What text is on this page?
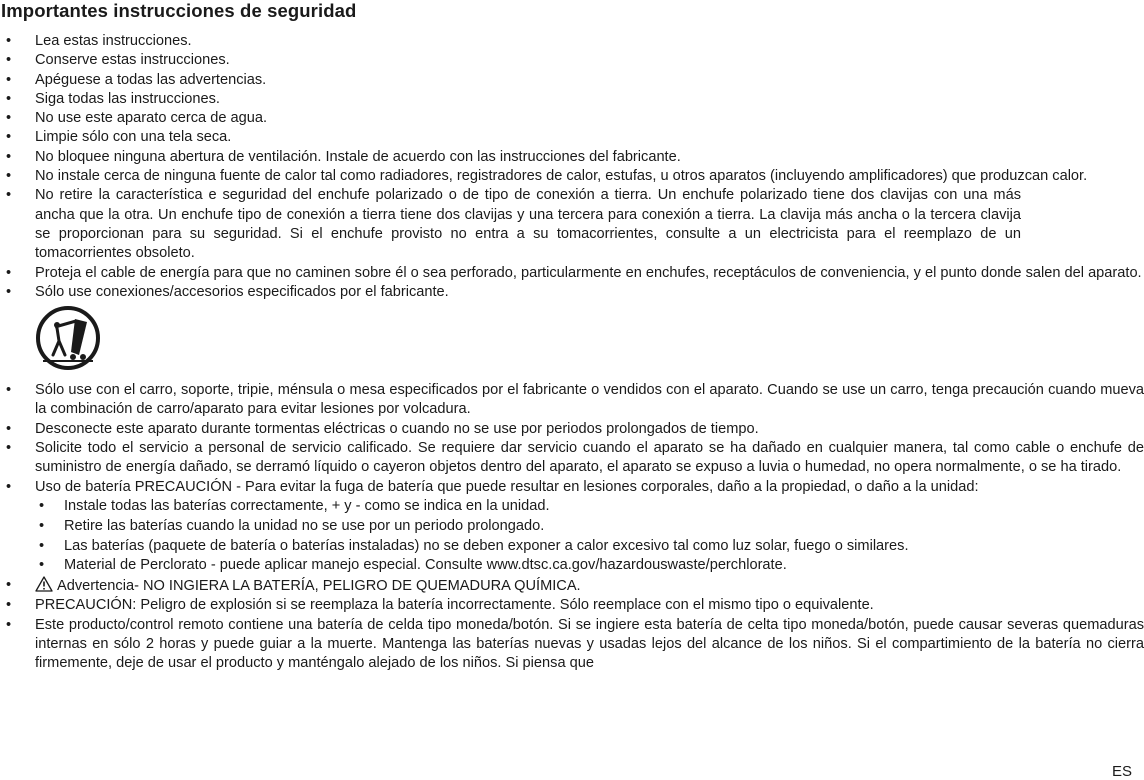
Importantes instrucciones de seguridad
• Lea estas instrucciones.
• Conserve estas instrucciones.
• Apéguese a todas las advertencias.
• Siga todas las instrucciones.
• No use este aparato cerca de agua.
• Limpie sólo con una tela seca.
• No bloquee ninguna abertura de ventilación. Instale de acuerdo con las instrucciones del fabricante.
• No instale cerca de ninguna fuente de calor tal como radiadores, registradores de calor, estufas, u otros aparatos (incluyendo amplificadores) que produzcan calor.
• No retire la característica e seguridad del enchufe polarizado o de tipo de conexión a tierra. Un enchufe polarizado tiene dos clavijas con una más ancha que la otra. Un enchufe tipo de conexión a tierra tiene dos clavijas y una tercera para conexión a tierra. La clavija más ancha o la tercera clavija se proporcionan para su seguridad. Si el enchufe provisto no entra a su tomacorrientes, consulte a un electricista para el reemplazo de un tomacorrientes obsoleto.
• Proteja el cable de energía para que no caminen sobre él o sea perforado, particularmente en enchufes, receptáculos de conveniencia, y el punto donde salen del aparato.
• Sólo use conexiones/accesorios especificados por el fabricante.
• Sólo use con el carro, soporte, tripie, ménsula o mesa especificados por el fabricante o vendidos con el aparato. Cuando se use un carro, tenga precaución cuando mueva la combinación de carro/aparato para evitar lesiones por volcadura.
• Desconecte este aparato durante tormentas eléctricas o cuando no se use por periodos prolongados de tiempo.
• Solicite todo el servicio a personal de servicio calificado. Se requiere dar servicio cuando el aparato se ha dañado en cualquier manera, tal como cable o enchufe de suministro de energía dañado, se derramó líquido o cayeron objetos dentro del aparato, el aparato se expuso a luvia o humedad, no opera normalmente, o se ha tirado.
• Uso de batería PRECAUCIÓN - Para evitar la fuga de batería que puede resultar en lesiones corporales, daño a la propiedad, o daño a la unidad:
• Instale todas las baterías correctamente, + y - como se indica en la unidad.
• Retire las baterías cuando la unidad no se use por un periodo prolongado.
• Las baterías (paquete de batería o baterías instaladas) no se deben exponer a calor excesivo tal como luz solar, fuego o similares.
• Material de Perclorato - puede aplicar manejo especial. Consulte www.dtsc.ca.gov/hazardouswaste/perchlorate.
• Advertencia- NO INGIERA LA BATERÍA, PELIGRO DE QUEMADURA QUÍMICA.
• PRECAUCIÓN: Peligro de explosión si se reemplaza la batería incorrectamente. Sólo reemplace con el mismo tipo o equivalente.
• Este producto/control remoto contiene una batería de celda tipo moneda/botón. Si se ingiere esta batería de celta tipo moneda/botón, puede causar severas quemaduras internas en sólo 2 horas y puede guiar a la muerte. Mantenga las baterías nuevas y usadas lejos del alcance de los niños. Si el compartimiento de la batería no cierra firmemente, deje de usar el producto y manténgalo alejado de los niños. Si piensa que
ES
